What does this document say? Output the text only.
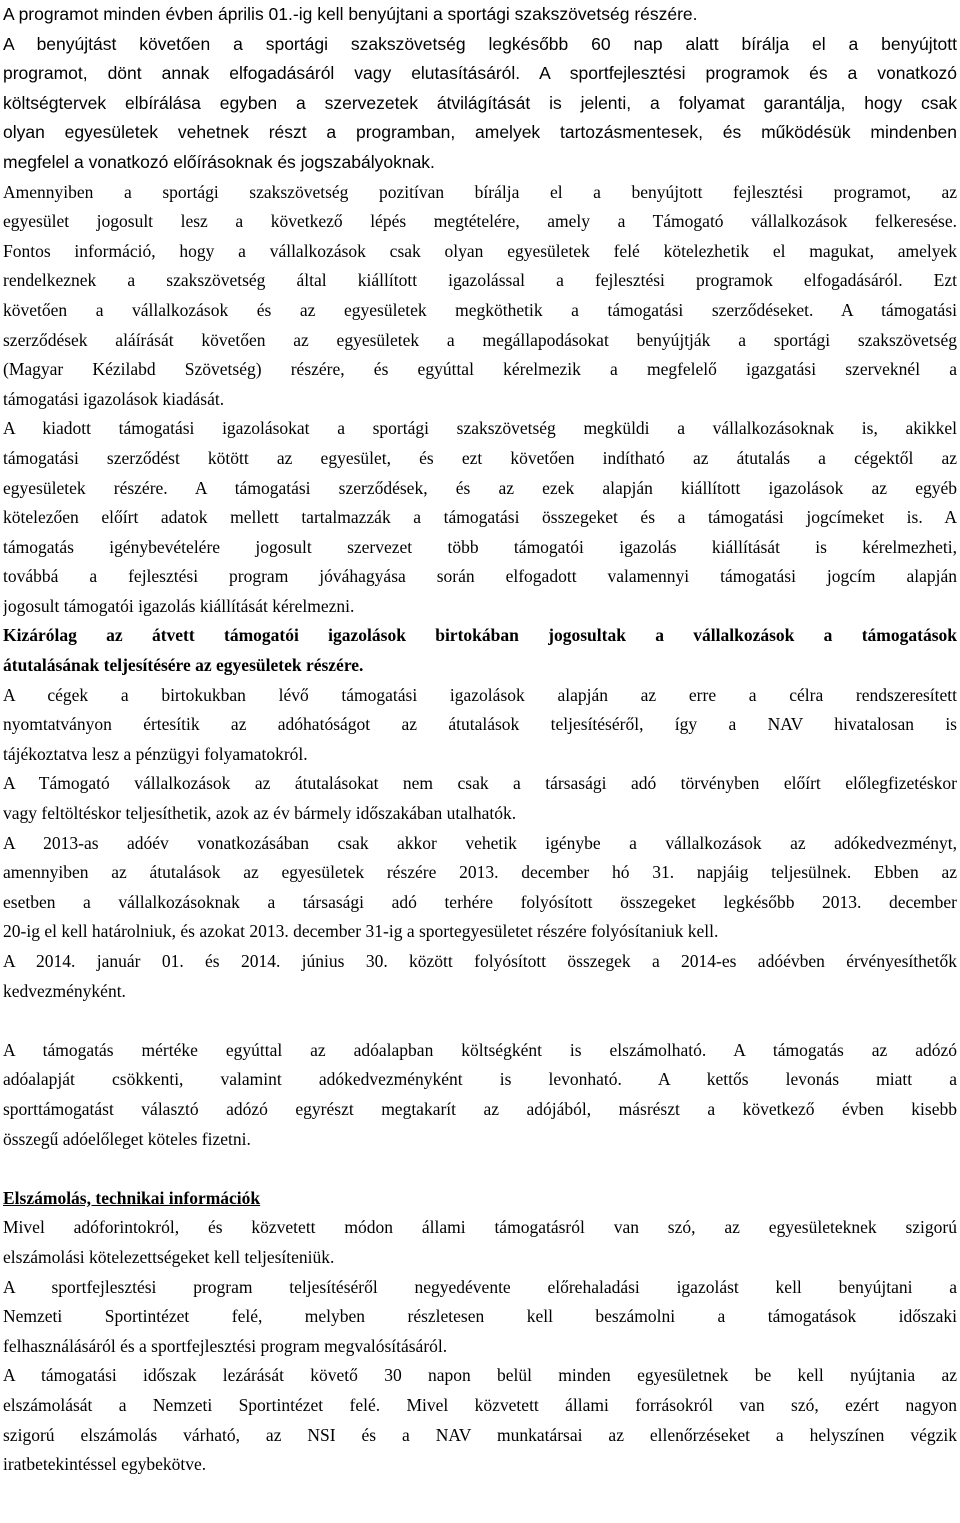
A programot minden évben április 01.-ig kell benyújtani a sportági szakszövetség részére.
A benyújtást követően a sportági szakszövetség legkésőbb 60 nap alatt bírálja el a benyújtott
programot, dönt annak elfogadásáról vagy elutasításáról. A sportfejlesztési programok és a vonatkozó
költségtervek elbírálása egyben a szervezetek átvilágítását is jelenti, a folyamat garantálja, hogy csak
olyan egyesületek vehetnek részt a programban, amelyek tartozásmentesek, és működésük mindenben
megfelel a vonatkozó előírásoknak és jogszabályoknak.
Amennyiben a sportági szakszövetség pozitívan bírálja el a benyújtott fejlesztési programot, az
egyesület jogosult lesz a következő lépés megtételére, amely a Támogató vállalkozások felkeresése.
Fontos információ, hogy a vállalkozások csak olyan egyesületek felé kötelezhetik el magukat, amelyek
rendelkeznek a szakszövetség által kiállított igazolással a fejlesztési programok elfogadásáról. Ezt
követően a vállalkozások és az egyesületek megköthetik a támogatási szerződéseket. A támogatási
szerződések aláírását követően az egyesületek a megállapodásokat benyújtják a sportági szakszövetség
(Magyar Kézilabd Szövetség) részére, és egyúttal kérelmezik a megfelelő igazgatási szerveknél a
támogatási igazolások kiadását.
A kiadott támogatási igazolásokat a sportági szakszövetség megküldi a vállalkozásoknak is, akikkel
támogatási szerződést kötött az egyesület, és ezt követően indítható az átutalás a cégektől az
egyesületek részére. A támogatási szerződések, és az ezek alapján kiállított igazolások az egyéb
kötelezően előírt adatok mellett tartalmazzák a támogatási összegeket és a támogatási jogcímeket is. A
támogatás igénybevételére jogosult szervezet több támogatói igazolás kiállítását is kérelmezheti,
továbbá a fejlesztési program jóváhagyása során elfogadott valamennyi támogatási jogcím alapján
jogosult támogatói igazolás kiállítását kérelmezni.
Kizárólag az átvett támogatói igazolások birtokában jogosultak a vállalkozások a támogatások
átutalásának teljesítésére az egyesületek részére.
A cégek a birtokukban lévő támogatási igazolások alapján az erre a célra rendszeresített
nyomtatványon értesítik az adóhatóságot az átutalások teljesítéséről, így a NAV hivatalosan is
tájékoztatva lesz a pénzügyi folyamatokról.
A Támogató vállalkozások az átutalásokat nem csak a társasági adó törvényben előírt előlegfizetéskor
vagy feltöltéskor teljesíthetik, azok az év bármely időszakában utalhatók.
A 2013-as adóév vonatkozásában csak akkor vehetik igénybe a vállalkozások az adókedvezményt,
amennyiben az átutalások az egyesületek részére 2013. december hó 31. napjáig teljesülnek. Ebben az
esetben a vállalkozásoknak a társasági adó terhére folyósított összegeket legkésőbb 2013. december
20-ig el kell határolniuk, és azokat 2013. december 31-ig a sportegyesületet részére folyósítaniuk kell.
A 2014. január 01. és 2014. június 30. között folyósított összegek a 2014-es adóévben érvényesíthetők
kedvezményként.
A támogatás mértéke egyúttal az adóalapban költségként is elszámolható. A támogatás az adózó
adóalapját csökkenti, valamint adókedvezményként is levonható. A kettős levonás miatt a
sporttámogatást választó adózó egyrészt megtakarít az adójából, másrészt a következő évben kisebb
összegű adóelőleget köteles fizetni.
Elszámolás, technikai információk
Mivel adóforintokról, és közvetett módon állami támogatásról van szó, az egyesületeknek szigorú
elszámolási kötelezettségeket kell teljesíteniük.
A sportfejlesztési program teljesítéséről negyedévente előrehaladási igazolást kell benyújtani a
Nemzeti Sportintézet felé, melyben részletesen kell beszámolni a támogatások időszaki
felhasználásáról és a sportfejlesztési program megvalósításáról.
A támogatási időszak lezárását követő 30 napon belül minden egyesületnek be kell nyújtania az
elszámolását a Nemzeti Sportintézet felé. Mivel közvetett állami forrásokról van szó, ezért nagyon
szigorú elszámolás várható, az NSI és a NAV munkatársai az ellenőrzéseket a helyszínen végzik
iratbetekintéssel egybekötve.
